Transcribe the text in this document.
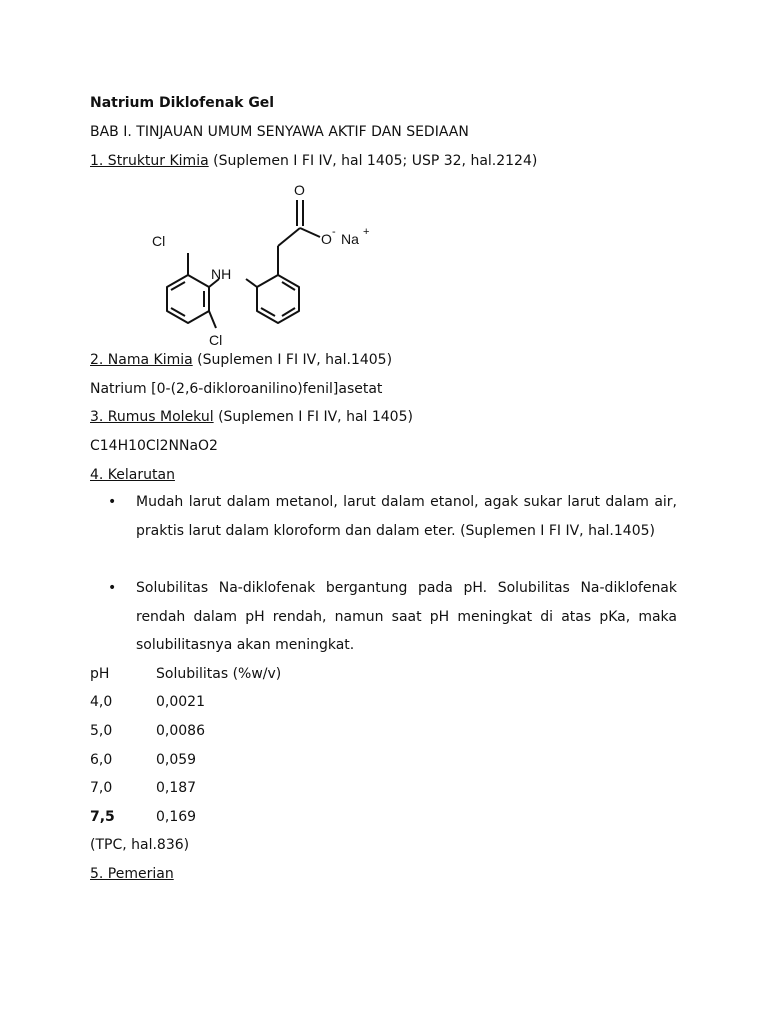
Natrium Diklofenak Gel
BAB I. TINJAUAN UMUM SENYAWA AKTIF DAN SEDIAAN
1. Struktur Kimia (Suplemen I FI IV, hal 1405; USP 32, hal.2124)
O
O - Na +
Cl
NH
Cl
2. Nama Kimia (Suplemen I FI IV, hal.1405)
Natrium [0-(2,6-dikloroanilino)fenil]asetat
3. Rumus Molekul (Suplemen I FI IV, hal 1405)
C14H10Cl2NNaO2
4. Kelarutan
• Mudah larut dalam metanol, larut dalam etanol, agak sukar larut dalam air, praktis larut dalam kloroform dan dalam eter. (Suplemen I FI IV, hal.1405)
• Solubilitas Na-diklofenak bergantung pada pH. Solubilitas Na-diklofenak rendah dalam pH rendah, namun saat pH meningkat di atas pKa, maka solubilitasnya akan meningkat.
pH	Solubilitas (%w/v)
4,0	0,0021
5,0	0,0086
6,0	0,059
7,0	0,187
7,5	0,169
(TPC, hal.836)
5. Pemerian
